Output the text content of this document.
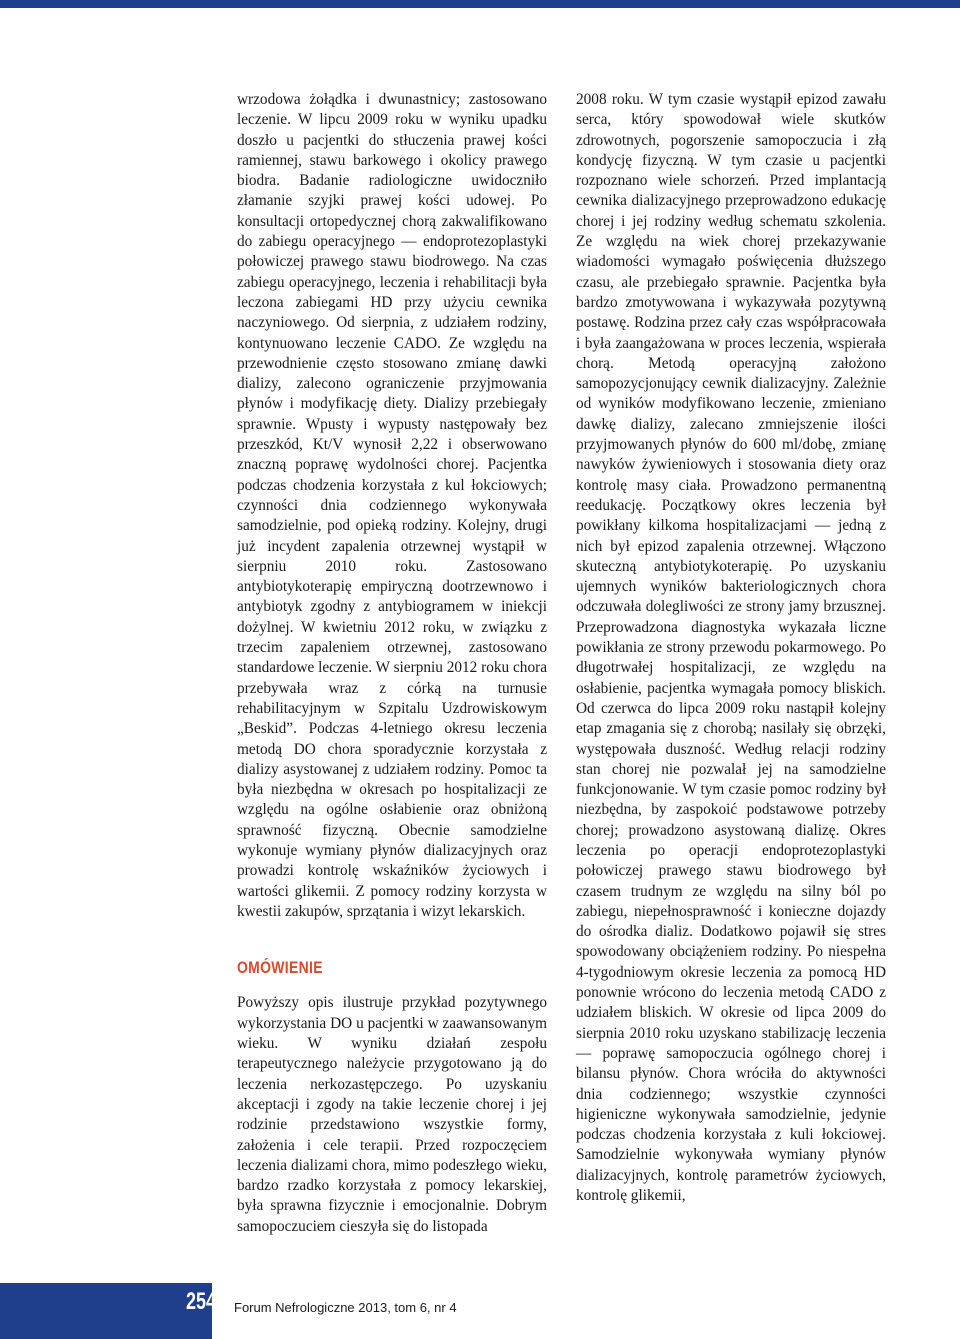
wrzodowa żołądka i dwunastnicy; zastosowano leczenie. W lipcu 2009 roku w wyniku upadku doszło u pacjentki do stłuczenia prawej kości ramiennej, stawu barkowego i okolicy prawego biodra. Badanie radiologiczne uwidoczniło złamanie szyjki prawej kości udowej. Po konsultacji ortopedycznej chorą zakwalifikowano do zabiegu operacyjnego — endoprotezoplastyki połowiczej prawego stawu biodrowego. Na czas zabiegu operacyjnego, leczenia i rehabilitacji była leczona zabiegami HD przy użyciu cewnika naczyniowego. Od sierpnia, z udziałem rodziny, kontynuowano leczenie CADO. Ze względu na przewodnienie często stosowano zmianę dawki dializy, zalecono ograniczenie przyjmowania płynów i modyfikację diety. Dializy przebiegały sprawnie. Wpusty i wypusty następowały bez przeszkód, Kt/V wynosił 2,22 i obserwowano znaczną poprawę wydolności chorej. Pacjentka podczas chodzenia korzystała z kul łokciowych; czynności dnia codziennego wykonywała samodzielnie, pod opieką rodziny. Kolejny, drugi już incydent zapalenia otrzewnej wystąpił w sierpniu 2010 roku. Zastosowano antybiotykoterapię empiryczną dootrzewnowo i antybiotyk zgodny z antybiogramem w iniekcji dożylnej. W kwietniu 2012 roku, w związku z trzecim zapaleniem otrzewnej, zastosowano standardowe leczenie. W sierpniu 2012 roku chora przebywała wraz z córką na turnusie rehabilitacyjnym w Szpitalu Uzdrowiskowym „Beskid”. Podczas 4-letniego okresu leczenia metodą DO chora sporadycznie korzystała z dializy asystowanej z udziałem rodziny. Pomoc ta była niezbędna w okresach po hospitalizacji ze względu na ogólne osłabienie oraz obniżoną sprawność fizyczną. Obecnie samodzielne wykonuje wymiany płynów dializacyjnych oraz prowadzi kontrolę wskaźników życiowych i wartości glikemii. Z pomocy rodziny korzysta w kwestii zakupów, sprzątania i wizyt lekarskich.

OMÓWIENIE

Powyższy opis ilustruje przykład pozytywnego wykorzystania DO u pacjentki w zaawansowanym wieku. W wyniku działań zespołu terapeutycznego należycie przygotowano ją do leczenia nerkozastępczego. Po uzyskaniu akceptacji i zgody na takie leczenie chorej i jej rodzinie przedstawiono wszystkie formy, założenia i cele terapii. Przed rozpoczęciem leczenia dializami chora, mimo podeszłego wieku, bardzo rzadko korzystała z pomocy lekarskiej, była sprawna fizycznie i emocjonalnie. Dobrym samopoczuciem cieszyła się do listopada

2008 roku. W tym czasie wystąpił epizod zawału serca, który spowodował wiele skutków zdrowotnych, pogorszenie samopoczucia i złą kondycję fizyczną. W tym czasie u pacjentki rozpoznano wiele schorzeń. Przed implantacją cewnika dializacyjnego przeprowadzono edukację chorej i jej rodziny według schematu szkolenia. Ze względu na wiek chorej przekazywanie wiadomości wymagało poświęcenia dłuższego czasu, ale przebiegało sprawnie. Pacjentka była bardzo zmotywowana i wykazywała pozytywną postawę. Rodzina przez cały czas współpracowała i była zaangażowana w proces leczenia, wspierała chorą. Metodą operacyjną założono samopozycjonujący cewnik dializacyjny. Zależnie od wyników modyfikowano leczenie, zmieniano dawkę dializy, zalecano zmniejszenie ilości przyjmowanych płynów do 600 ml/dobę, zmianę nawyków żywieniowych i stosowania diety oraz kontrolę masy ciała. Prowadzono permanentną reedukację. Początkowy okres leczenia był powikłany kilkoma hospitalizacjami — jedną z nich był epizod zapalenia otrzewnej. Włączono skuteczną antybiotykoterapię. Po uzyskaniu ujemnych wyników bakteriologicznych chora odczuwała dolegliwości ze strony jamy brzusznej. Przeprowadzona diagnostyka wykazała liczne powikłania ze strony przewodu pokarmowego. Po długotrwałej hospitalizacji, ze względu na osłabienie, pacjentka wymagała pomocy bliskich. Od czerwca do lipca 2009 roku nastąpił kolejny etap zmagania się z chorobą; nasilały się obrzęki, występowała duszność. Według relacji rodziny stan chorej nie pozwalał jej na samodzielne funkcjonowanie. W tym czasie pomoc rodziny był niezbędna, by zaspokoić podstawowe potrzeby chorej; prowadzono asystowaną dializę. Okres leczenia po operacji endoprotezoplastyki połowiczej prawego stawu biodrowego był czasem trudnym ze względu na silny ból po zabiegu, niepełnosprawność i konieczne dojazdy do ośrodka dializ. Dodatkowo pojawił się stres spowodowany obciążeniem rodziny. Po niespełna 4-tygodniowym okresie leczenia za pomocą HD ponownie wrócono do leczenia metodą CADO z udziałem bliskich. W okresie od lipca 2009 do sierpnia 2010 roku uzyskano stabilizację leczenia — poprawę samopoczucia ogólnego chorej i bilansu płynów. Chora wróciła do aktywności dnia codziennego; wszystkie czynności higieniczne wykonywała samodzielnie, jedynie podczas chodzenia korzystała z kuli łokciowej. Samodzielnie wykonywała wymiany płynów dializacyjnych, kontrolę parametrów życiowych, kontrolę glikemii,

254 Forum Nefrologiczne 2013, tom 6, nr 4
